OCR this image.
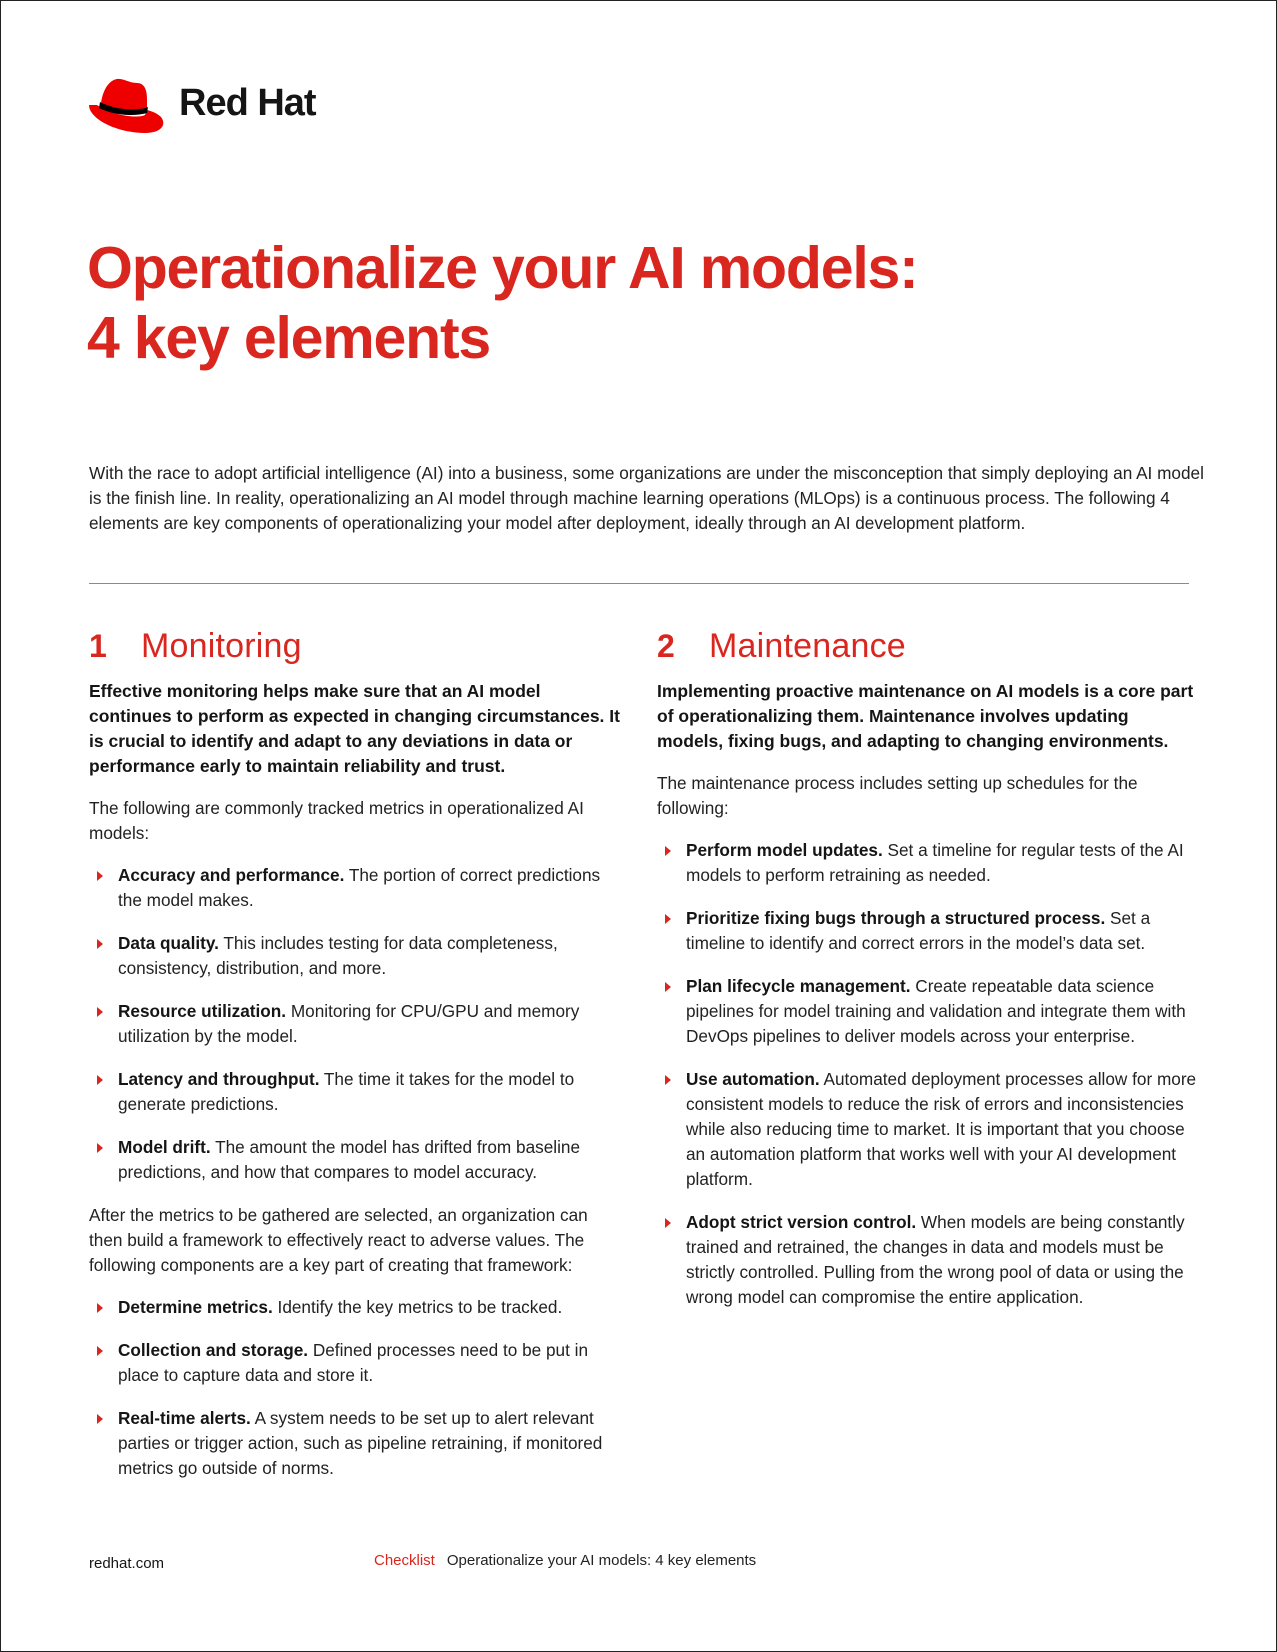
Red Hat
Operationalize your AI models:
4 key elements

With the race to adopt artificial intelligence (AI) into a business, some organizations are under the misconception that simply deploying an AI model is the finish line. In reality, operationalizing an AI model through machine learning operations (MLOps) is a continuous process. The following 4 elements are key components of operationalizing your model after deployment, ideally through an AI development platform.

1	Monitoring

Effective monitoring helps make sure that an AI model continues to perform as expected in changing circumstances. It is crucial to identify and adapt to any deviations in data or performance early to maintain reliability and trust.

The following are commonly tracked metrics in operationalized AI models:

Accuracy and performance. The portion of correct predictions the model makes.
Data quality. This includes testing for data completeness, consistency, distribution, and more.
Resource utilization. Monitoring for CPU/GPU and memory utilization by the model.
Latency and throughput. The time it takes for the model to generate predictions.
Model drift. The amount the model has drifted from baseline predictions, and how that compares to model accuracy.

After the metrics to be gathered are selected, an organization can then build a framework to effectively react to adverse values. The following components are a key part of creating that framework:

Determine metrics. Identify the key metrics to be tracked.
Collection and storage. Defined processes need to be put in place to capture data and store it.
Real-time alerts. A system needs to be set up to alert relevant parties or trigger action, such as pipeline retraining, if monitored metrics go outside of norms.
2	Maintenance

Implementing proactive maintenance on AI models is a core part of operationalizing them. Maintenance involves updating models, fixing bugs, and adapting to changing environments.

The maintenance process includes setting up schedules for the following:

Perform model updates. Set a timeline for regular tests of the AI models to perform retraining as needed.
Prioritize fixing bugs through a structured process. Set a timeline to identify and correct errors in the model’s data set.
Plan lifecycle management. Create repeatable data science pipelines for model training and validation and integrate them with DevOps pipelines to deliver models across your enterprise.
Use automation. Automated deployment processes allow for more consistent models to reduce the risk of errors and inconsistencies while also reducing time to market. It is important that you choose an automation platform that works well with your AI development platform.
Adopt strict version control. When models are being constantly trained and retrained, the changes in data and models must be strictly controlled. Pulling from the wrong pool of data or using the wrong model can compromise the entire application.
redhat.com	Checklist Operationalize your AI models: 4 key elements
